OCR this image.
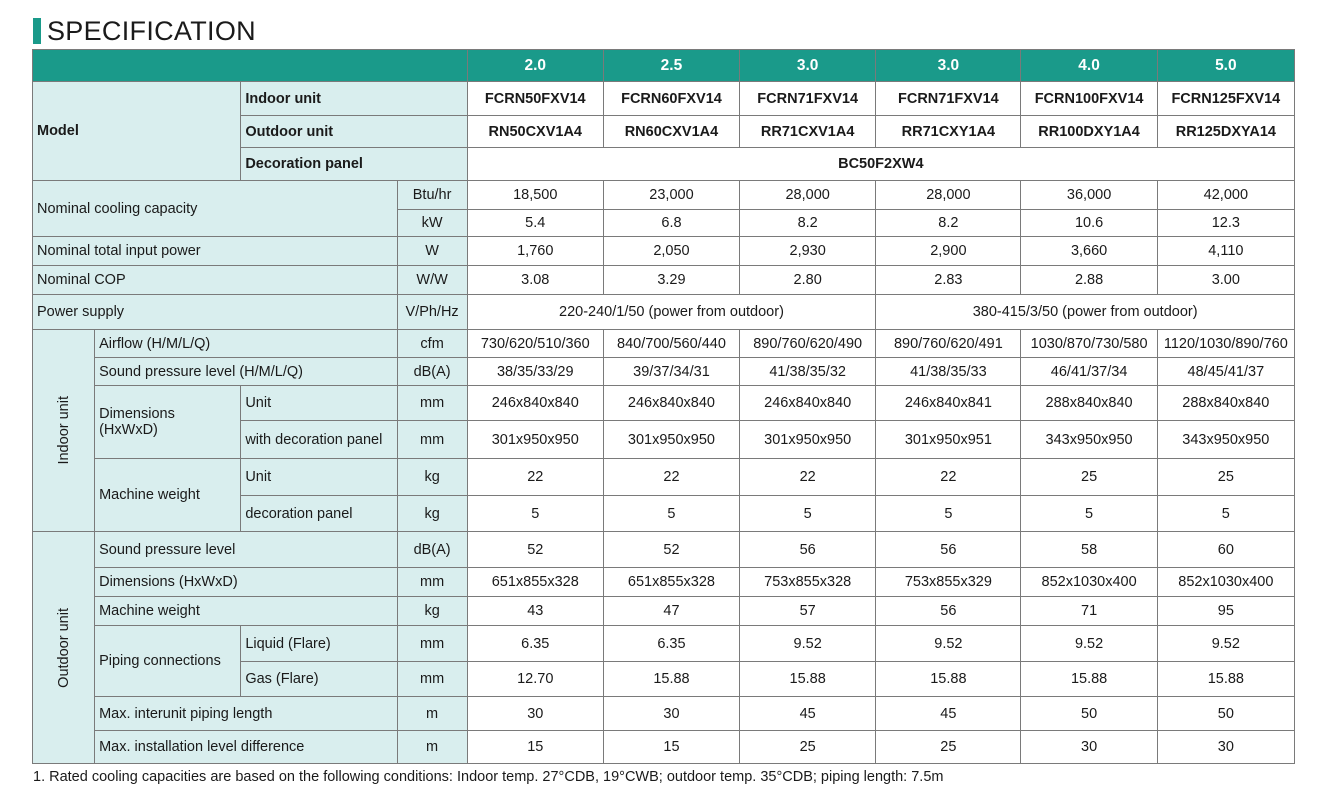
SPECIFICATION
				2.0	2.5	3.0	3.0	4.0	5.0
Model		Indoor unit		FCRN50FXV14	FCRN60FXV14	FCRN71FXV14	FCRN71FXV14	FCRN100FXV14	FCRN125FXV14
		Outdoor unit		RN50CXV1A4	RN60CXV1A4	RR71CXV1A4	RR71CXY1A4	RR100DXY1A4	RR125DXYA14
		Decoration panel		BC50F2XW4					
Nominal cooling capacity			Btu/hr	18,500	23,000	28,000	28,000	36,000	42,000
			kW	5.4	6.8	8.2	8.2	10.6	12.3
Nominal total input power			W	1,760	2,050	2,930	2,900	3,660	4,110
Nominal COP			W/W	3.08	3.29	2.80	2.83	2.88	3.00
Power supply			V/Ph/Hz	220-240/1/50 (power from outdoor)			380-415/3/50 (power from outdoor)		

Indoor unit	Airflow (H/M/L/Q)		cfm	730/620/510/360	840/700/560/440	890/760/620/490	890/760/620/491	1030/870/730/580	1120/1030/890/760
	Sound pressure level (H/M/L/Q)		dB(A)	38/35/33/29	39/37/34/31	41/38/35/32	41/38/35/33	46/41/37/34	48/45/41/37
	Dimensions (HxWxD)	Unit	mm	246x840x840	246x840x840	246x840x840	246x840x841	288x840x840	288x840x840
		with decoration panel	mm	301x950x950	301x950x950	301x950x950	301x950x951	343x950x950	343x950x950
	Machine weight	Unit	kg	22	22	22	22	25	25
		decoration panel	kg	5	5	5	5	5	5

Outdoor unit	Sound pressure level		dB(A)	52	52	56	56	58	60
	Dimensions (HxWxD)		mm	651x855x328	651x855x328	753x855x328	753x855x329	852x1030x400	852x1030x400
	Machine weight		kg	43	47	57	56	71	95
	Piping connections	Liquid (Flare)	mm	6.35	6.35	9.52	9.52	9.52	9.52
		Gas (Flare)	mm	12.70	15.88	15.88	15.88	15.88	15.88
	Max. interunit piping length		m	30	30	45	45	50	50
	Max. installation level difference		m	15	15	25	25	30	30
1. Rated cooling capacities are based on the following conditions: Indoor temp. 27°CDB, 19°CWB; outdoor temp. 35°CDB; piping length: 7.5m
